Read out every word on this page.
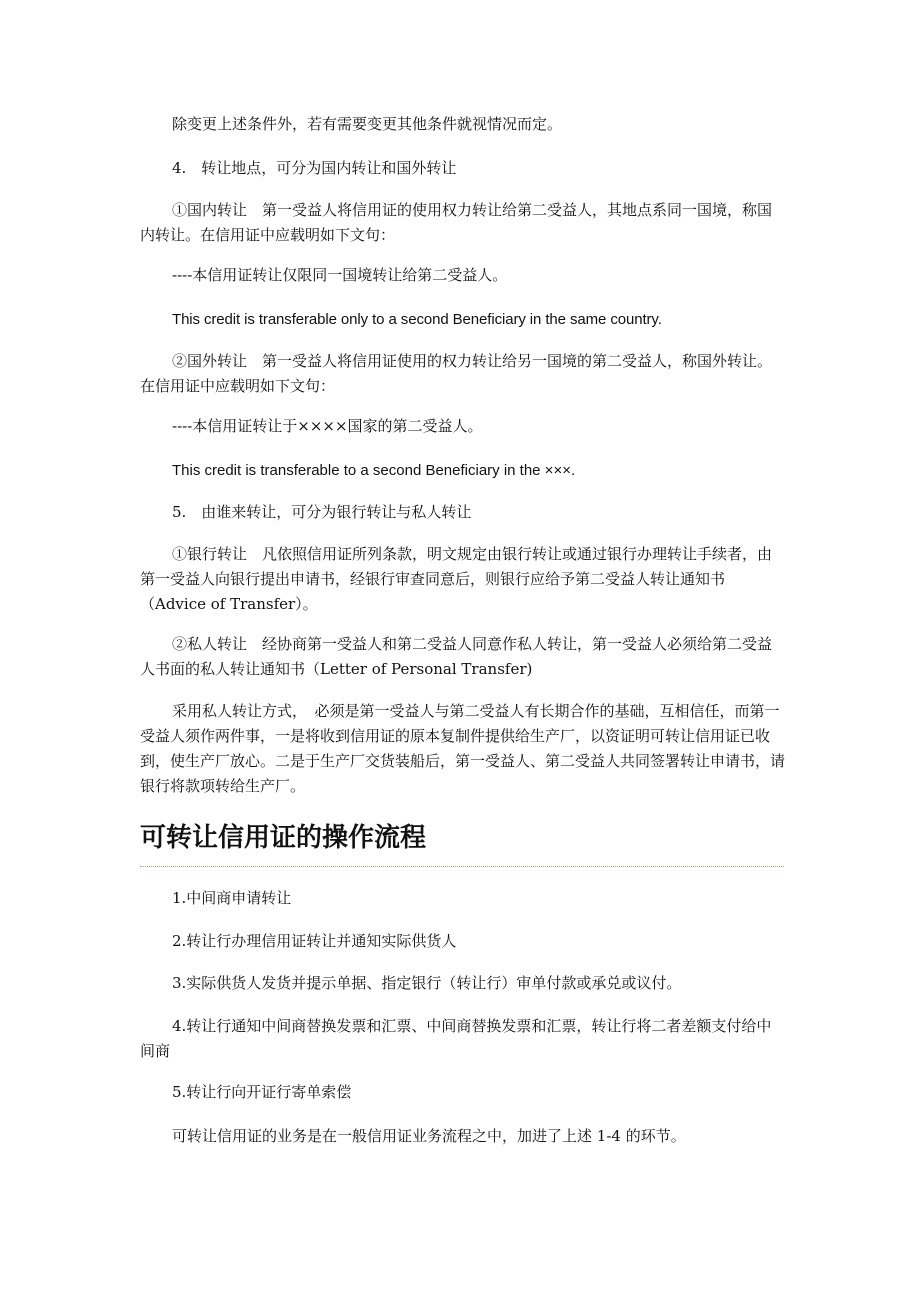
除变更上述条件外，若有需要变更其他条件就视情况而定。

4.　转让地点，可分为国内转让和国外转让

①国内转让　第一受益人将信用证的使用权力转让给第二受益人，其地点系同一国境，称国内转让。在信用证中应载明如下文句：

----本信用证转让仅限同一国境转让给第二受益人。

This credit is transferable only to a second Beneficiary in the same country.

②国外转让　第一受益人将信用证使用的权力转让给另一国境的第二受益人，称国外转让。在信用证中应载明如下文句：

----本信用证转让于××××国家的第二受益人。

This credit is transferable to a second Beneficiary in the ×××.

5.　由谁来转让，可分为银行转让与私人转让

①银行转让　凡依照信用证所列条款，明文规定由银行转让或通过银行办理转让手续者，由第一受益人向银行提出申请书，经银行审查同意后，则银行应给予第二受益人转让通知书（Advice of Transfer）。

②私人转让　经协商第一受益人和第二受益人同意作私人转让，第一受益人必须给第二受益人书面的私人转让通知书（Letter of Personal Transfer)

采用私人转让方式，　必须是第一受益人与第二受益人有长期合作的基础，互相信任，而第一受益人须作两件事，一是将收到信用证的原本复制件提供给生产厂，以资证明可转让信用证已收到，使生产厂放心。二是于生产厂交货装船后，第一受益人、第二受益人共同签署转让申请书，请银行将款项转给生产厂。

可转让信用证的操作流程

1.中间商申请转让

2.转让行办理信用证转让并通知实际供货人

3.实际供货人发货并提示单据、指定银行（转让行）审单付款或承兑或议付。

4.转让行通知中间商替换发票和汇票、中间商替换发票和汇票，转让行将二者差额支付给中间商

5.转让行向开证行寄单索偿

可转让信用证的业务是在一般信用证业务流程之中，加进了上述 1-4 的环节。
